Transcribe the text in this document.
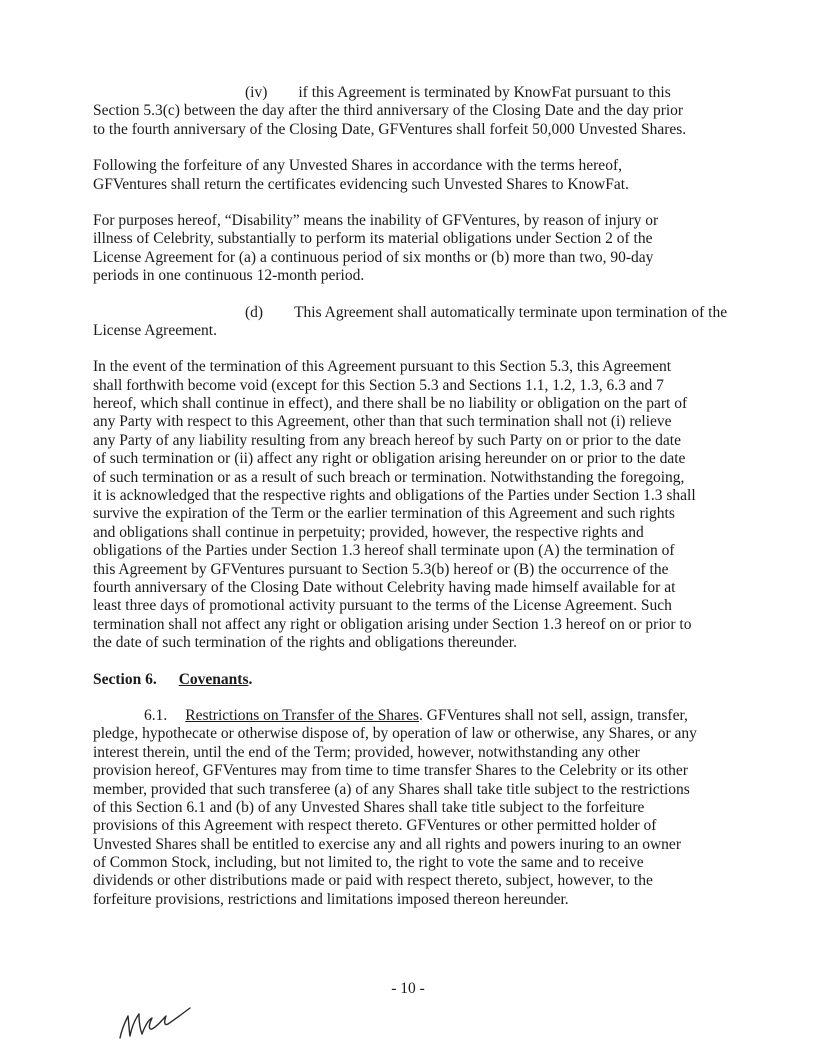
(iv)  if this Agreement is terminated by KnowFat pursuant to this
Section 5.3(c) between the day after the third anniversary of the Closing Date and the day prior
to the fourth anniversary of the Closing Date, GFVentures shall forfeit 50,000 Unvested Shares.
Following the forfeiture of any Unvested Shares in accordance with the terms hereof,
GFVentures shall return the certificates evidencing such Unvested Shares to KnowFat.
For purposes hereof, “Disability” means the inability of GFVentures, by reason of injury or
illness of Celebrity, substantially to perform its material obligations under Section 2 of the
License Agreement for (a) a continuous period of six months or (b) more than two, 90-day
periods in one continuous 12-month period.
(d)  This Agreement shall automatically terminate upon termination of the
License Agreement.
In the event of the termination of this Agreement pursuant to this Section 5.3, this Agreement
shall forthwith become void (except for this Section 5.3 and Sections 1.1, 1.2, 1.3, 6.3 and 7
hereof, which shall continue in effect), and there shall be no liability or obligation on the part of
any Party with respect to this Agreement, other than that such termination shall not (i) relieve
any Party of any liability resulting from any breach hereof by such Party on or prior to the date
of such termination or (ii) affect any right or obligation arising hereunder on or prior to the date
of such termination or as a result of such breach or termination. Notwithstanding the foregoing,
it is acknowledged that the respective rights and obligations of the Parties under Section 1.3 shall
survive the expiration of the Term or the earlier termination of this Agreement and such rights
and obligations shall continue in perpetuity; provided, however, the respective rights and
obligations of the Parties under Section 1.3 hereof shall terminate upon (A) the termination of
this Agreement by GFVentures pursuant to Section 5.3(b) hereof or (B) the occurrence of the
fourth anniversary of the Closing Date without Celebrity having made himself available for at
least three days of promotional activity pursuant to the terms of the License Agreement. Such
termination shall not affect any right or obligation arising under Section 1.3 hereof on or prior to
the date of such termination of the rights and obligations thereunder.
Section 6. Covenants.
6.1. Restrictions on Transfer of the Shares. GFVentures shall not sell, assign, transfer,
pledge, hypothecate or otherwise dispose of, by operation of law or otherwise, any Shares, or any
interest therein, until the end of the Term; provided, however, notwithstanding any other
provision hereof, GFVentures may from time to time transfer Shares to the Celebrity or its other
member, provided that such transferee (a) of any Shares shall take title subject to the restrictions
of this Section 6.1 and (b) of any Unvested Shares shall take title subject to the forfeiture
provisions of this Agreement with respect thereto. GFVentures or other permitted holder of
Unvested Shares shall be entitled to exercise any and all rights and powers inuring to an owner
of Common Stock, including, but not limited to, the right to vote the same and to receive
dividends or other distributions made or paid with respect thereto, subject, however, to the
forfeiture provisions, restrictions and limitations imposed thereon hereunder.
- 10 -
